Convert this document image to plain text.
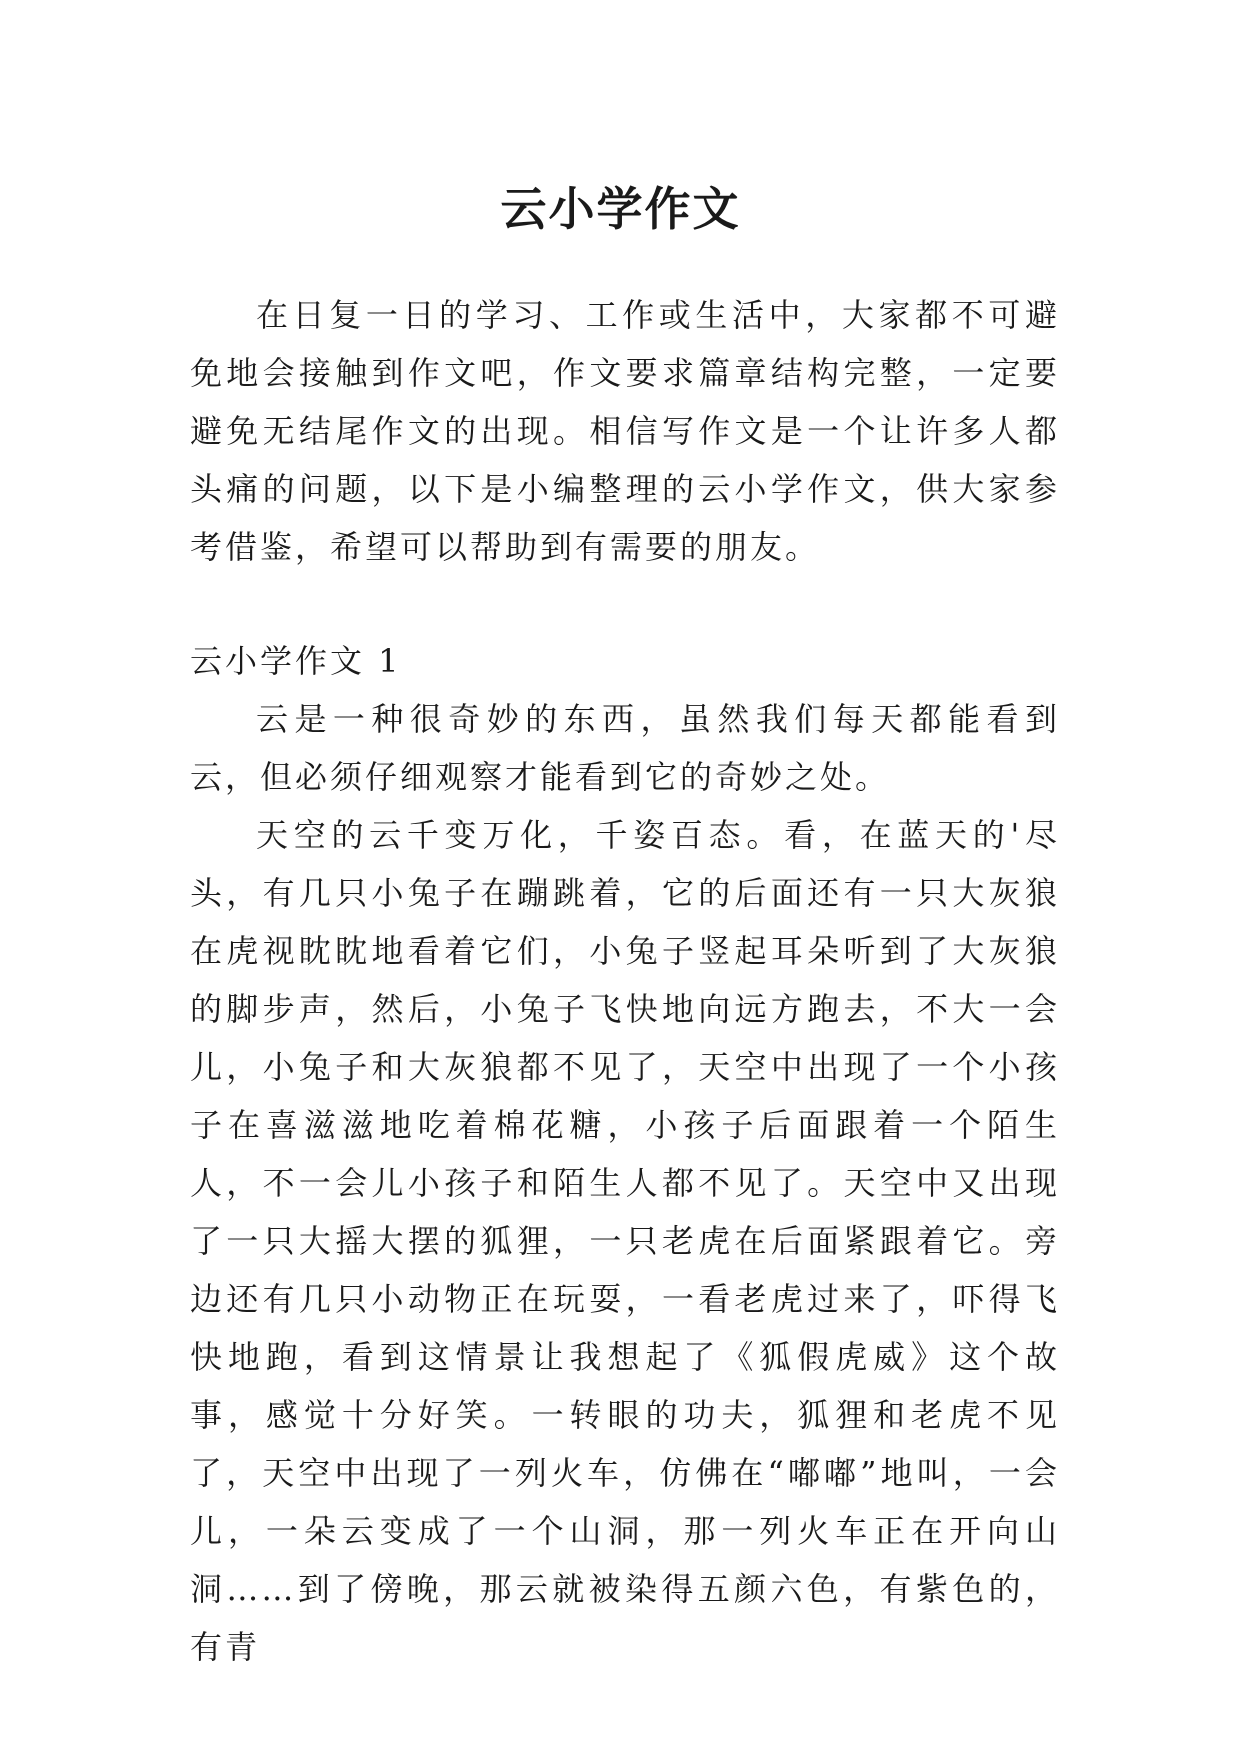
云小学作文

在日复一日的学习、工作或生活中，大家都不可避免地会接触到作文吧，作文要求篇章结构完整，一定要避免无结尾作文的出现。相信写作文是一个让许多人都头痛的问题，以下是小编整理的云小学作文，供大家参考借鉴，希望可以帮助到有需要的朋友。

云小学作文 1

云是一种很奇妙的东西，虽然我们每天都能看到云，但必须仔细观察才能看到它的奇妙之处。

天空的云千变万化，千姿百态。看，在蓝天的'尽头，有几只小兔子在蹦跳着，它的后面还有一只大灰狼在虎视眈眈地看着它们，小兔子竖起耳朵听到了大灰狼的脚步声，然后，小兔子飞快地向远方跑去，不大一会儿，小兔子和大灰狼都不见了，天空中出现了一个小孩子在喜滋滋地吃着棉花糖，小孩子后面跟着一个陌生人，不一会儿小孩子和陌生人都不见了。天空中又出现了一只大摇大摆的狐狸，一只老虎在后面紧跟着它。旁边还有几只小动物正在玩耍，一看老虎过来了，吓得飞快地跑，看到这情景让我想起了《狐假虎威》这个故事，感觉十分好笑。一转眼的功夫，狐狸和老虎不见了，天空中出现了一列火车，仿佛在“嘟嘟”地叫，一会儿，一朵云变成了一个山洞，那一列火车正在开向山洞……到了傍晚，那云就被染得五颜六色，有紫色的，有青
